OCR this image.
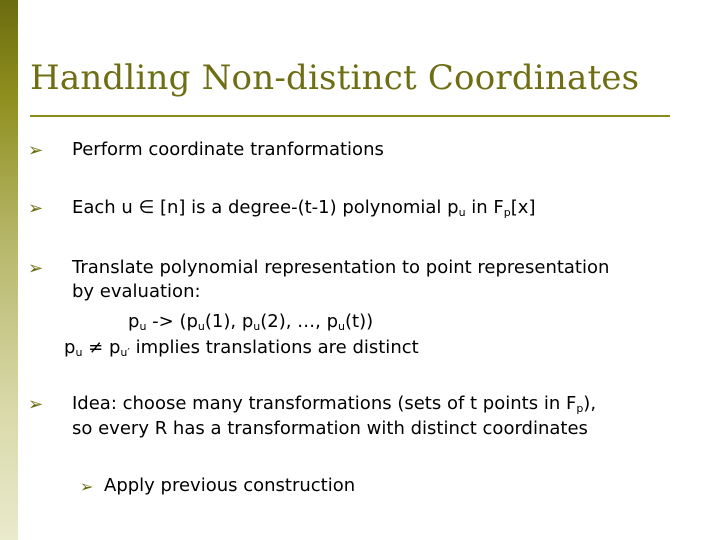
Handling Non-distinct Coordinates
➢ Perform coordinate tranformations
➢ Each u ∈ [n] is a degree-(t-1) polynomial $p_u$ in $F_p[x]$
➢ Translate polynomial representation to point representation
by evaluation:
$p_u -> (p_u(1)$, $p_u(2)$, …, $p_u(t)$)
$p_u \ne p_{u'}$ implies translations are distinct
➢ Idea: choose many transformations (sets of t points in $F_p$),
so every R has a transformation with distinct coordinates
➢ Apply previous construction
